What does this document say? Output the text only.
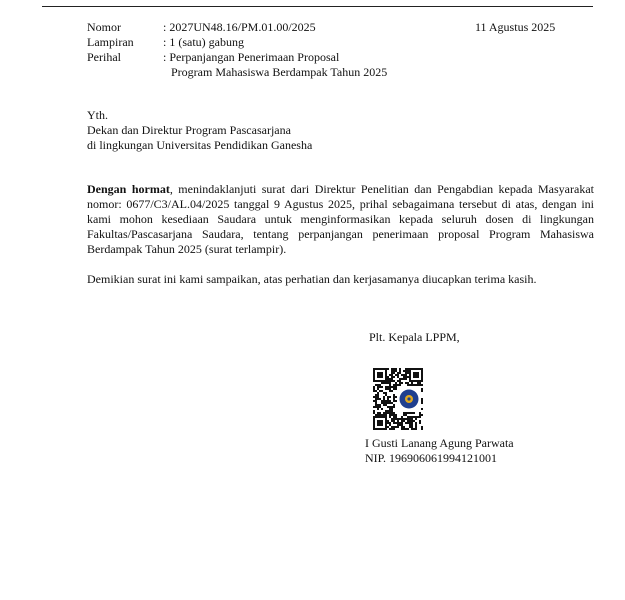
Nomor	: 2027UN48.16/PM.01.00/2025
Lampiran : 1 (satu) gabung
Perihal	: Perpanjangan Penerimaan Proposal
Program Mahasiswa Berdampak Tahun 2025
11 Agustus 2025
Yth.
Dekan dan Direktur Program Pascasarjana
di lingkungan Universitas Pendidikan Ganesha
Dengan hormat, menindaklanjuti surat dari Direktur Penelitian dan Pengabdian kepada Masyarakat nomor: 0677/C3/AL.04/2025 tanggal 9 Agustus 2025, prihal sebagaimana tersebut di atas, dengan ini kami mohon kesediaan Saudara untuk menginformasikan kepada seluruh dosen di lingkungan Fakultas/Pascasarjana Saudara, tentang perpanjangan penerimaan proposal Program Mahasiswa Berdampak Tahun 2025 (surat terlampir).
Demikian surat ini kami sampaikan, atas perhatian dan kerjasamanya diucapkan terima kasih.
Plt. Kepala LPPM,
I Gusti Lanang Agung Parwata
NIP. 196906061994121001
